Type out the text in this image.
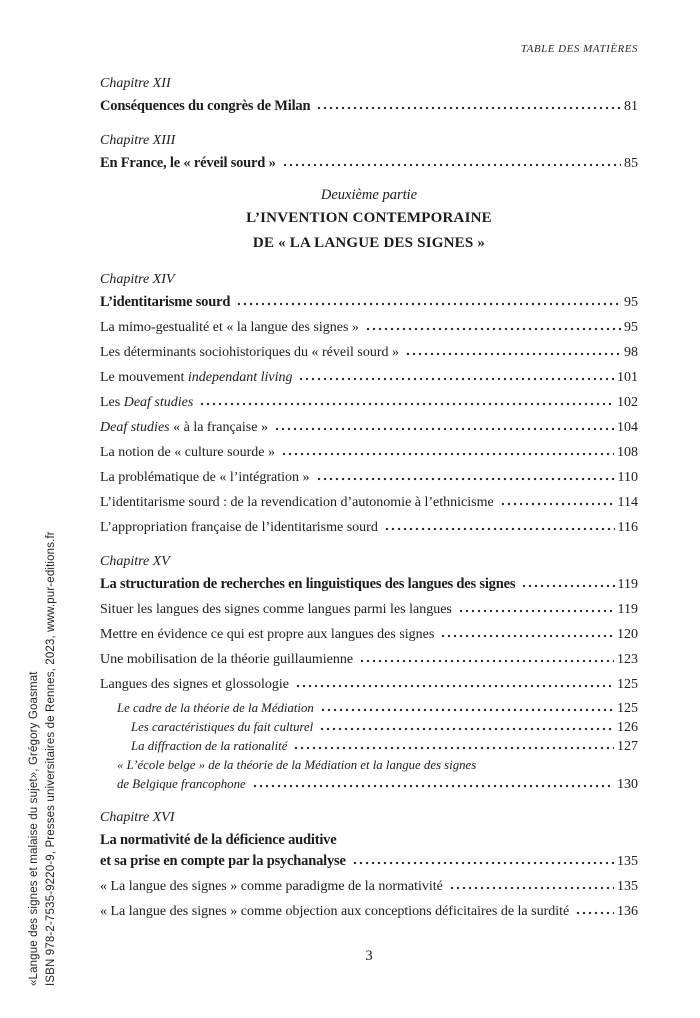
«Langue des signes et malaise du sujet», Grégory Goasmat ISBN 978-2-7535-9220-9, Presses universitaires de Rennes, 2023, www.pur-editions.fr
TABLE DES MATIÈRES
Chapitre XII
Conséquences du congrès de Milan	81
Chapitre XIII
En France, le « réveil sourd »	85
Deuxième partie
L’INVENTION CONTEMPORAINE
DE « LA LANGUE DES SIGNES »
Chapitre XIV
L’identitarisme sourd	95
La mimo-gestualité et « la langue des signes »	95
Les déterminants sociohistoriques du « réveil sourd »	98
Le mouvement independant living	101
Les Deaf studies	102
Deaf studies « à la française »	104
La notion de « culture sourde »	108
La problématique de « l’intégration »	110
L’identitarisme sourd : de la revendication d’autonomie à l’ethnicisme	114
L’appropriation française de l’identitarisme sourd	116
Chapitre XV
La structuration de recherches en linguistiques des langues des signes	119
Situer les langues des signes comme langues parmi les langues	119
Mettre en évidence ce qui est propre aux langues des signes	120
Une mobilisation de la théorie guillaumienne	123
Langues des signes et glossologie	125
Le cadre de la théorie de la Médiation	125
Les caractéristiques du fait culturel	126
La diffraction de la rationalité	127
« L’école belge » de la théorie de la Médiation et la langue des signes
de Belgique francophone	130
Chapitre XVI
La normativité de la déficience auditive
et sa prise en compte par la psychanalyse	135
« La langue des signes » comme paradigme de la normativité	135
« La langue des signes » comme objection aux conceptions déficitaires de la surdité	136
3
